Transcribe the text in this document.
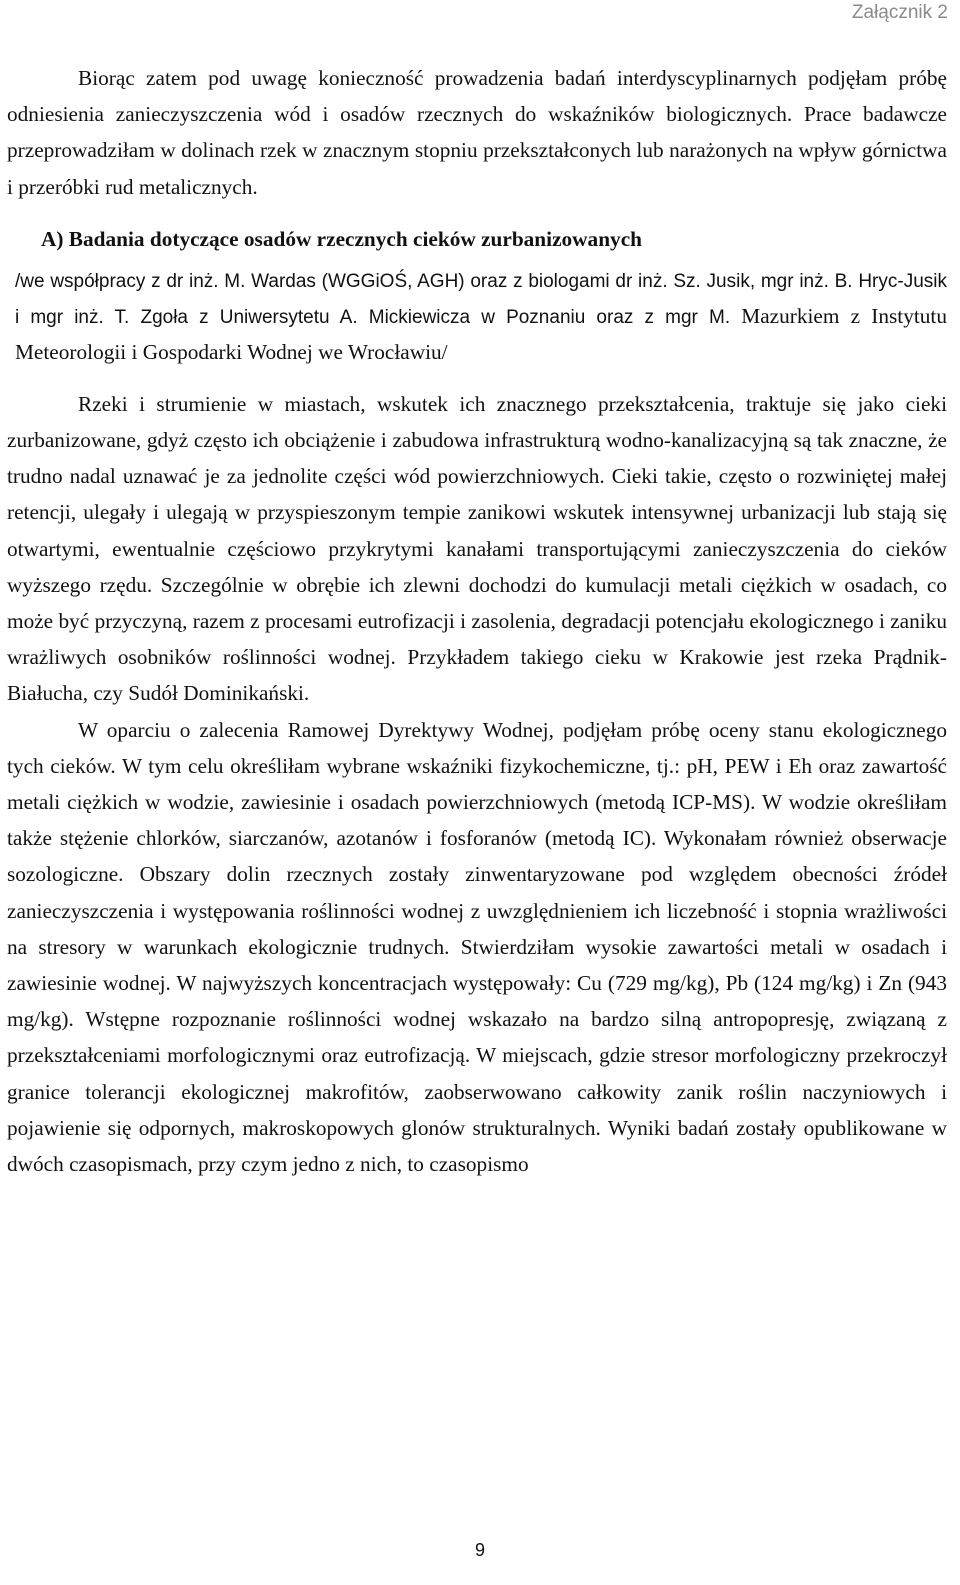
Załącznik 2

Biorąc zatem pod uwagę konieczność prowadzenia badań interdyscyplinarnych podjęłam próbę odniesienia zanieczyszczenia wód i osadów rzecznych do wskaźników biologicznych. Prace badawcze przeprowadziłam w dolinach rzek w znacznym stopniu przekształconych lub narażonych na wpływ górnictwa i przeróbki rud metalicznych.

A) Badania dotyczące osadów rzecznych cieków zurbanizowanych

/we współpracy z dr inż. M. Wardas (WGGiOŚ, AGH) oraz z biologami dr inż. Sz. Jusik, mgr inż. B. Hryc-Jusik i mgr inż. T. Zgoła z Uniwersytetu A. Mickiewicza w Poznaniu oraz z mgr M. Mazurkiem z Instytutu Meteorologii i Gospodarki Wodnej we Wrocławiu/

Rzeki i strumienie w miastach, wskutek ich znacznego przekształcenia, traktuje się jako cieki zurbanizowane, gdyż często ich obciążenie i zabudowa infrastrukturą wodno-kanalizacyjną są tak znaczne, że trudno nadal uznawać je za jednolite części wód powierzchniowych. Cieki takie, często o rozwiniętej małej retencji, ulegały i ulegają w przyspieszonym tempie zanikowi wskutek intensywnej urbanizacji lub stają się otwartymi, ewentualnie częściowo przykrytymi kanałami transportującymi zanieczyszczenia do cieków wyższego rzędu. Szczególnie w obrębie ich zlewni dochodzi do kumulacji metali ciężkich w osadach, co może być przyczyną, razem z procesami eutrofizacji i zasolenia, degradacji potencjału ekologicznego i zaniku wrażliwych osobników roślinności wodnej. Przykładem takiego cieku w Krakowie jest rzeka Prądnik-Białucha, czy Sudół Dominikański.

W oparciu o zalecenia Ramowej Dyrektywy Wodnej, podjęłam próbę oceny stanu ekologicznego tych cieków. W tym celu określiłam wybrane wskaźniki fizykochemiczne, tj.: pH, PEW i Eh oraz zawartość metali ciężkich w wodzie, zawiesinie i osadach powierzchniowych (metodą ICP-MS). W wodzie określiłam także stężenie chlorków, siarczanów, azotanów i fosforanów (metodą IC). Wykonałam również obserwacje sozologiczne. Obszary dolin rzecznych zostały zinwentaryzowane pod względem obecności źródeł zanieczyszczenia i występowania roślinności wodnej z uwzględnieniem ich liczebność i stopnia wrażliwości na stresory w warunkach ekologicznie trudnych. Stwierdziłam wysokie zawartości metali w osadach i zawiesinie wodnej. W najwyższych koncentracjach występowały: Cu (729 mg/kg), Pb (124 mg/kg) i Zn (943 mg/kg). Wstępne rozpoznanie roślinności wodnej wskazało na bardzo silną antropopresję, związaną z przekształceniami morfologicznymi oraz eutrofizacją. W miejscach, gdzie stresor morfologiczny przekroczył granice tolerancji ekologicznej makrofitów, zaobserwowano całkowity zanik roślin naczyniowych i pojawienie się odpornych, makroskopowych glonów strukturalnych. Wyniki badań zostały opublikowane w dwóch czasopismach, przy czym jedno z nich, to czasopismo

9
